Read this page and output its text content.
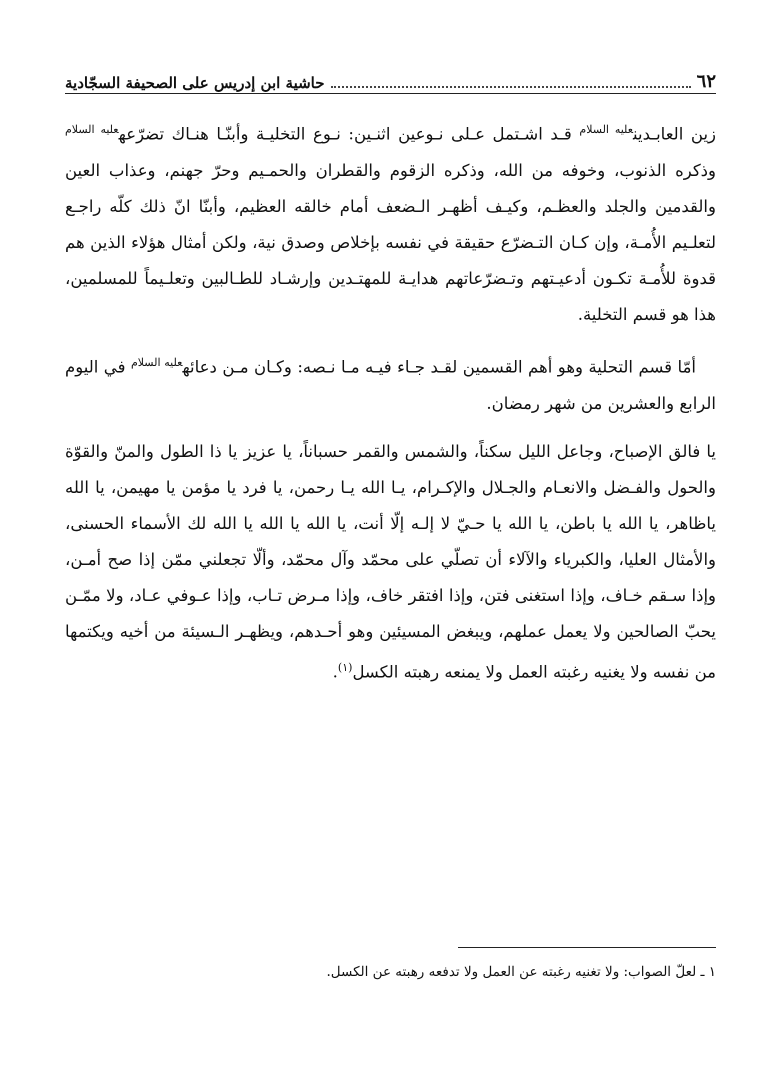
٦٢
حاشية ابن إدريس على الصحيفة السجّادية

زين العابـدين$^{عليه السلام}$ قـد اشـتمل عـلى نـوعين اثنـين: نـوع التخليـة وأبنّـا هنـاك تضرّعه$^{عليه السلام}$ وذكره الذنوب، وخوفه من الله، وذكره الزقوم والقطران والحمـيم وحرّ جهنم، وعذاب العين والقدمين والجلد والعظـم، وكيـف أظهـر الـضعف أمام خالقه العظيم، وأبنّا انّ ذلك كلّه راجـع لتعلـيم الأُمـة، وإن كـان التـضرّع حقيقة في نفسه بإخلاص وصدق نية، ولكن أمثال هؤلاء الذين هم قدوة للأُمـة تكـون أدعيـتهم وتـضرّعاتهم هدايـة للمهتـدين وإرشـاد للطـالبين وتعلـيماً للمسلمين، هذا هو قسم التخلية.

أمّا قسم التحلية وهو أهم القسمين لقـد جـاء فيـه مـا نـصه: وكـان مـن دعائه$^{عليه السلام}$ في اليوم الرابع والعشرين من شهر رمضان.

يا فالق الإصباح، وجاعل الليل سكناً، والشمس والقمر حسباناً، يا عزيز يا ذا الطول والمنّ والقوّة والحول والفـضل والانعـام والجـلال والإكـرام، يـا الله يـا رحمن، يا فرد يا مؤمن يا مهيمن، يا الله ياظاهر، يا الله يا باطن، يا الله يا حـيّ لا إلـه إلّا أنت، يا الله يا الله يا الله لك الأسماء الحسنى، والأمثال العليا، والكبرياء والآلاء أن تصلّي على محمّد وآل محمّد، وألّا تجعلني ممّن إذا صح أمـن، وإذا سـقم خـاف، وإذا استغنى فتن، وإذا افتقر خاف، وإذا مـرض تـاب، وإذا عـوفي عـاد، ولا ممّـن يحبّ الصالحين ولا يعمل عملهم، ويبغض المسيئين وهو أحـدهم، ويظهـر الـسيئة من أخيه ويكتمها من نفسه ولا يغنيه رغبته العمل ولا يمنعه رهبته الكسل$^{(١)}$.

١ ـ لعلّ الصواب: ولا تغنيه رغبته عن العمل ولا تدفعه رهبته عن الكسل.
